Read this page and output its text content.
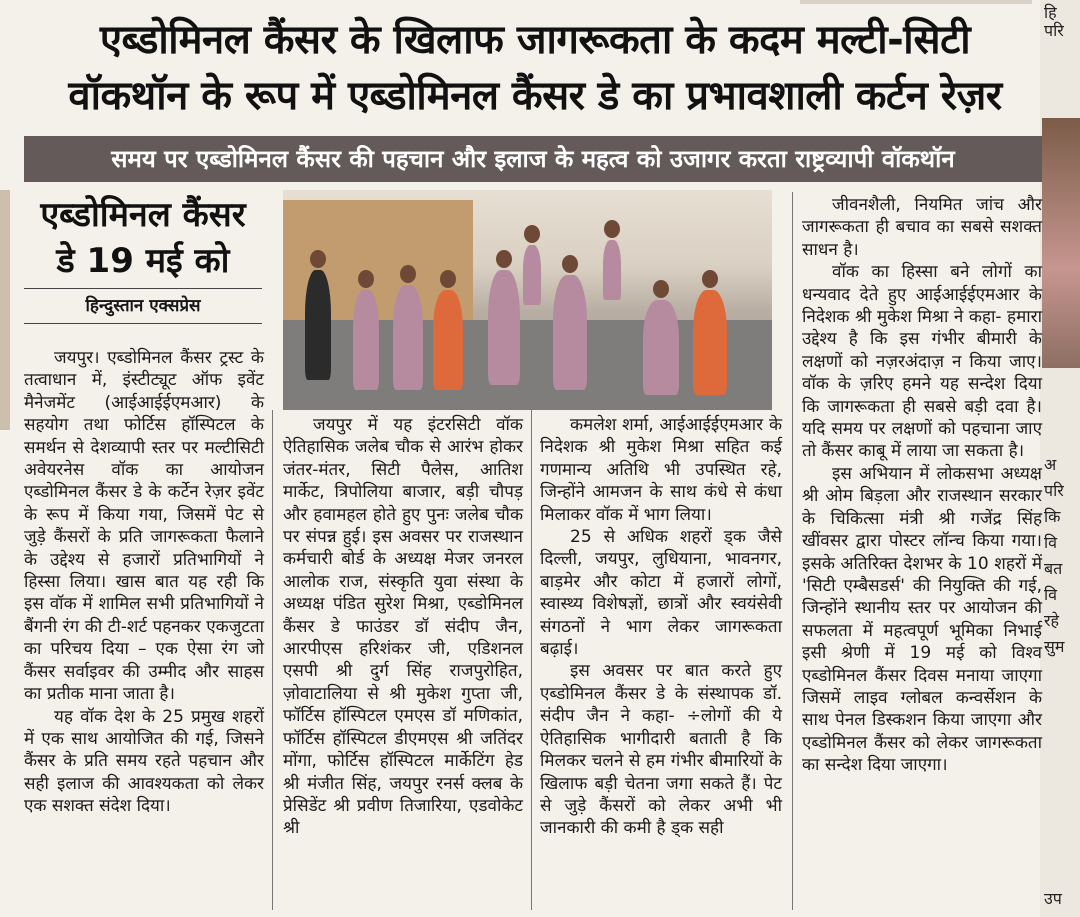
हि
परि
अ
परि
कि
वि
बत
वि
रहे
सुम
उप
एब्डोमिनल कैंसर के खिलाफ जागरूकता के कदम मल्टी-सिटी
वॉकथॉन के रूप में एब्डोमिनल कैंसर डे का प्रभावशाली कर्टन रेज़र
समय पर एब्डोमिनल कैंसर की पहचान और इलाज के महत्व को उजागर करता राष्ट्रव्यापी वॉकथॉन
एब्डोमिनल कैंसर
डे 19 मई को
हिन्दुस्तान एक्सप्रेस

जयपुर। एब्डोमिनल कैंसर ट्रस्ट के तत्वाधान में, इंस्टीट्यूट ऑफ इवेंट मैनेजमेंट (आईआईईएमआर) के सहयोग तथा फोर्टिस हॉस्पिटल के समर्थन से देशव्यापी स्तर पर मल्टीसिटी अवेयरनेस वॉक का आयोजन एब्डोमिनल कैंसर डे के कर्टेन रेज़र इवेंट के रूप में किया गया, जिसमें पेट से जुड़े कैंसरों के प्रति जागरूकता फैलाने के उद्देश्य से हजारों प्रतिभागियों ने हिस्सा लिया। खास बात यह रही कि इस वॉक में शामिल सभी प्रतिभागियों ने बैंगनी रंग की टी-शर्ट पहनकर एकजुटता का परिचय दिया – एक ऐसा रंग जो कैंसर सर्वाइवर की उम्मीद और साहस का प्रतीक माना जाता है।

यह वॉक देश के 25 प्रमुख शहरों में एक साथ आयोजित की गई, जिसने कैंसर के प्रति समय रहते पहचान और सही इलाज की आवश्यकता को लेकर एक सशक्त संदेश दिया।

जयपुर में यह इंटरसिटी वॉक ऐतिहासिक जलेब चौक से आरंभ होकर जंतर-मंतर, सिटी पैलेस, आतिश मार्केट, त्रिपोलिया बाजार, बड़ी चौपड़ और हवामहल होते हुए पुनः जलेब चौक पर संपन्न हुई। इस अवसर पर राजस्थान कर्मचारी बोर्ड के अध्यक्ष मेजर जनरल आलोक राज, संस्कृति युवा संस्था के अध्यक्ष पंडित सुरेश मिश्रा, एब्डोमिनल कैंसर डे फाउंडर डॉ संदीप जैन, आरपीएस हरिशंकर जी, एडिशनल एसपी श्री दुर्ग सिंह राजपुरोहित, ज़ोवाटालिया से श्री मुकेश गुप्ता जी, फॉर्टिस हॉस्पिटल एमएस डॉ मणिकांत, फॉर्टिस हॉस्पिटल डीएमएस श्री जतिंदर मोंगा, फोर्टिस हॉस्पिटल मार्केटिंग हेड श्री मंजीत सिंह, जयपुर रनर्स क्लब के प्रेसिडेंट श्री प्रवीण तिजारिया, एडवोकेट श्री

कमलेश शर्मा, आईआईईएमआर के निदेशक श्री मुकेश मिश्रा सहित कई गणमान्य अतिथि भी उपस्थित रहे, जिन्होंने आमजन के साथ कंधे से कंधा मिलाकर वॉक में भाग लिया।

25 से अधिक शहरों ड्क जैसे दिल्ली, जयपुर, लुधियाना, भावनगर, बाड़मेर और कोटा में हजारों लोगों, स्वास्थ्य विशेषज्ञों, छात्रों और स्वयंसेवी संगठनों ने भाग लेकर जागरूकता बढ़ाई।

इस अवसर पर बात करते हुए एब्डोमिनल कैंसर डे के संस्थापक डॉ. संदीप जैन ने कहा- ÷लोगों की ये ऐतिहासिक भागीदारी बताती है कि मिलकर चलने से हम गंभीर बीमारियों के खिलाफ बड़ी चेतना जगा सकते हैं। पेट से जुड़े कैंसरों को लेकर अभी भी जानकारी की कमी है ड्क सही

जीवनशैली, नियमित जांच और जागरूकता ही बचाव का सबसे सशक्त साधन है।

वॉक का हिस्सा बने लोगों का धन्यवाद देते हुए आईआईईएमआर के निदेशक श्री मुकेश मिश्रा ने कहा- हमारा उद्देश्य है कि इस गंभीर बीमारी के लक्षणों को नज़रअंदाज़ न किया जाए। वॉक के ज़रिए हमने यह सन्देश दिया कि जागरूकता ही सबसे बड़ी दवा है। यदि समय पर लक्षणों को पहचाना जाए तो कैंसर काबू में लाया जा सकता है।

इस अभियान में लोकसभा अध्यक्ष श्री ओम बिड़ला और राजस्थान सरकार के चिकित्सा मंत्री श्री गजेंद्र सिंह खींवसर द्वारा पोस्टर लॉन्च किया गया। इसके अतिरिक्त देशभर के 10 शहरों में 'सिटी एम्बैसडर्स' की नियुक्ति की गई, जिन्होंने स्थानीय स्तर पर आयोजन की सफलता में महत्वपूर्ण भूमिका निभाई इसी श्रेणी में 19 मई को विश्व एब्डोमिनल कैंसर दिवस मनाया जाएगा जिसमें लाइव ग्लोबल कन्वर्सेशन के साथ पेनल डिस्कशन किया जाएगा और एब्डोमिनल कैंसर को लेकर जागरूकता का सन्देश दिया जाएगा।
